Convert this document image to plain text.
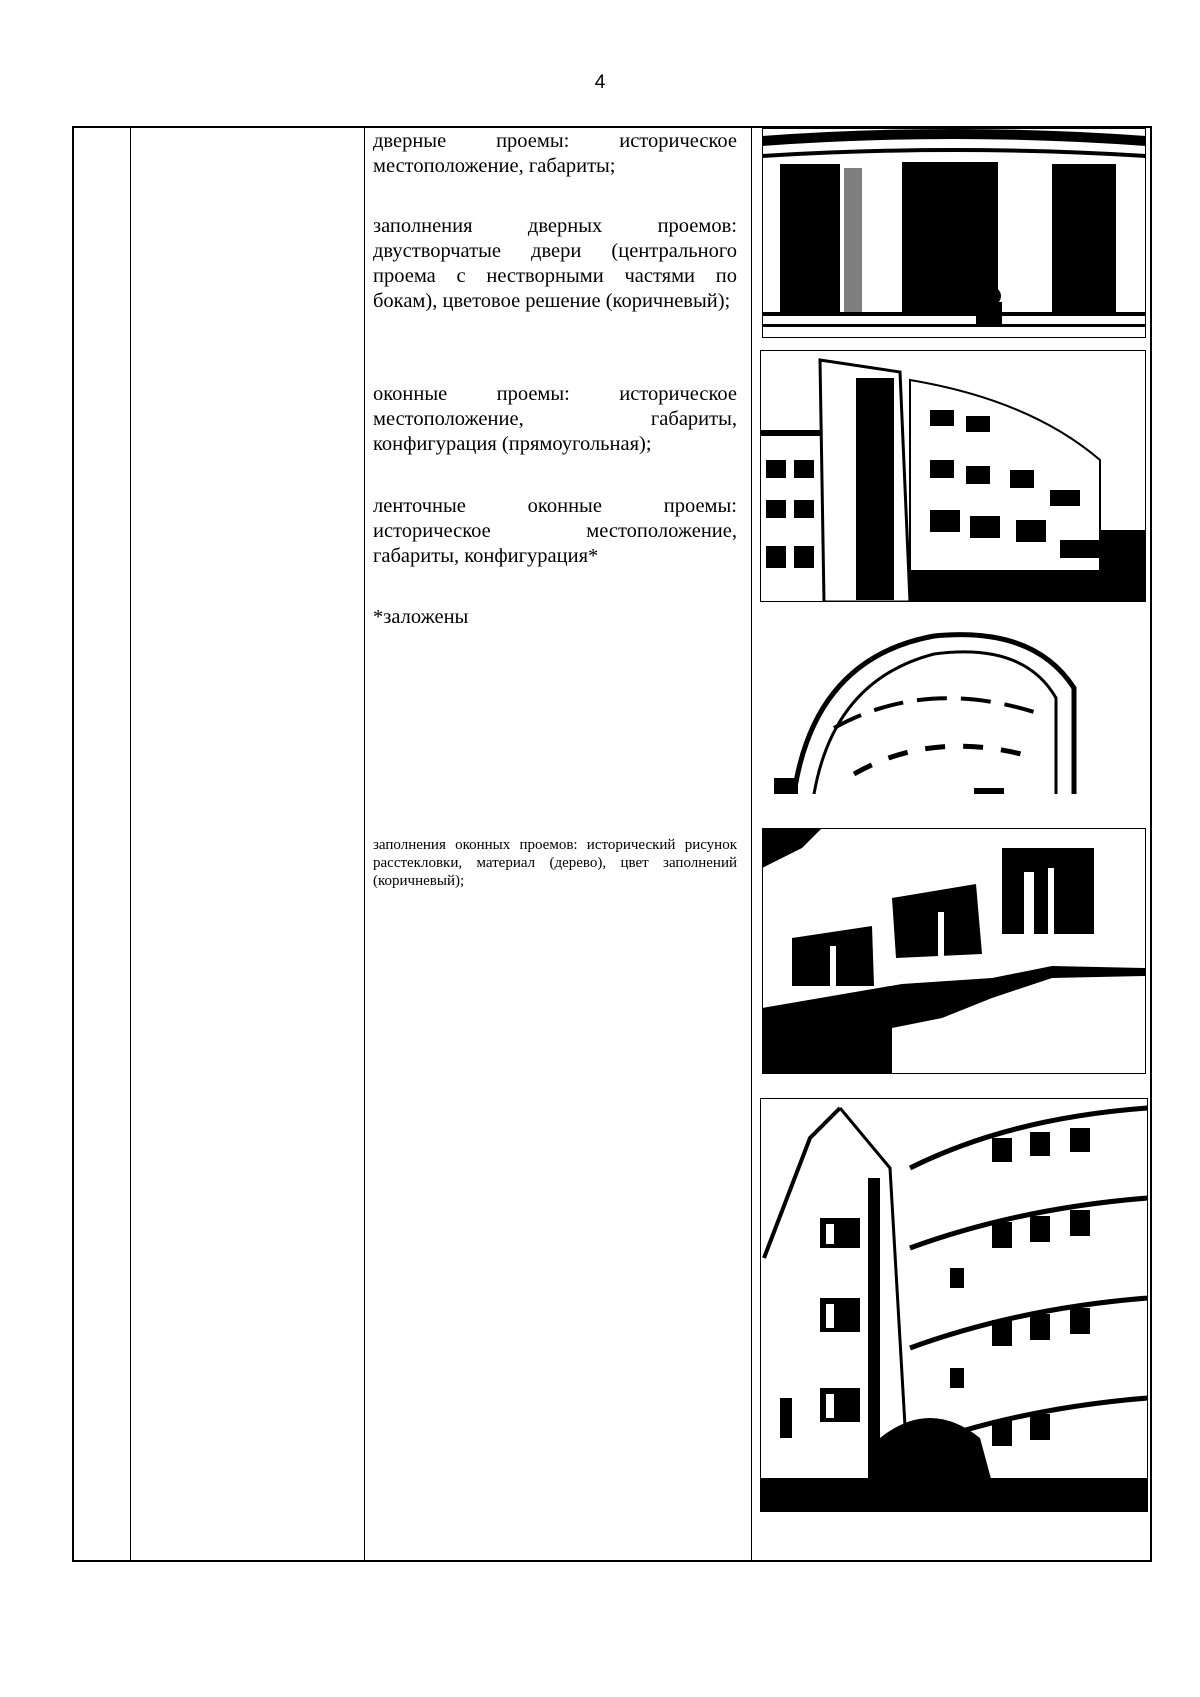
4
дверные проемы: историческое местоположение, габариты;
заполнения дверных проемов: двустворчатые двери (центрального проема с нестворными частями по бокам), цветовое решение (коричневый);
оконные проемы: историческое местоположение, габариты, конфигурация (прямоугольная);
ленточные оконные проемы: историческое местоположение, габариты, конфигурация*
*заложены
заполнения оконных проемов: исторический рисунок расстекловки, материал (дерево), цвет заполнений (коричневый);
